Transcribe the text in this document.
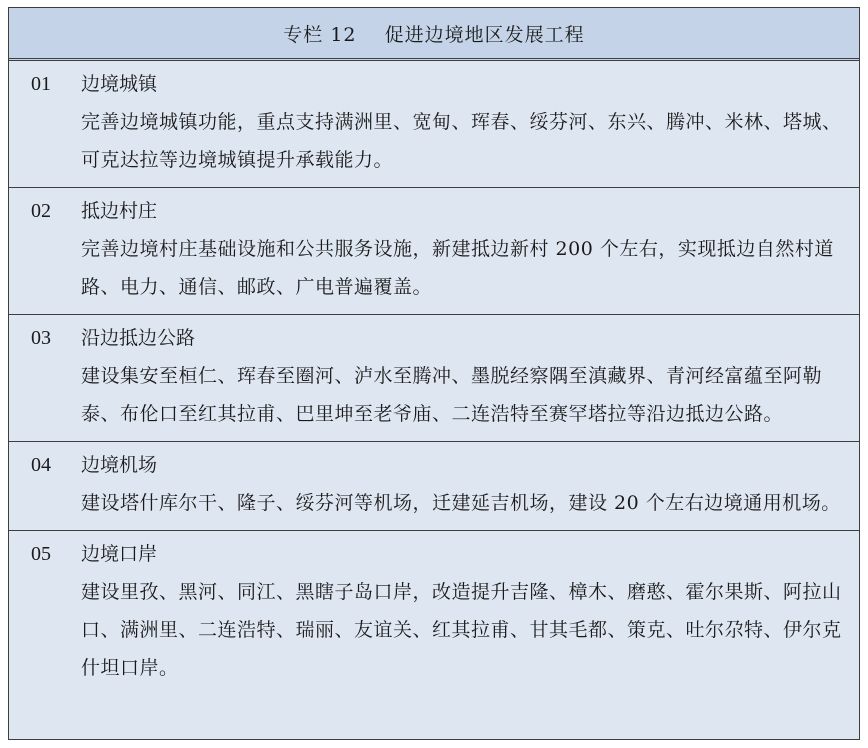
专栏 12    促进边境地区发展工程
01	边境城镇
完善边境城镇功能，重点支持满洲里、宽甸、珲春、绥芬河、东兴、腾冲、米林、塔城、可克达拉等边境城镇提升承载能力。
02	抵边村庄
完善边境村庄基础设施和公共服务设施，新建抵边新村 200 个左右，实现抵边自然村道路、电力、通信、邮政、广电普遍覆盖。
03	沿边抵边公路
建设集安至桓仁、珲春至圈河、泸水至腾冲、墨脱经察隅至滇藏界、青河经富蕴至阿勒泰、布伦口至红其拉甫、巴里坤至老爷庙、二连浩特至赛罕塔拉等沿边抵边公路。
04	边境机场
建设塔什库尔干、隆子、绥芬河等机场，迁建延吉机场，建设 20 个左右边境通用机场。
05	边境口岸
建设里孜、黑河、同江、黑瞎子岛口岸，改造提升吉隆、樟木、磨憨、霍尔果斯、阿拉山口、满洲里、二连浩特、瑞丽、友谊关、红其拉甫、甘其毛都、策克、吐尔尕特、伊尔克什坦口岸。
